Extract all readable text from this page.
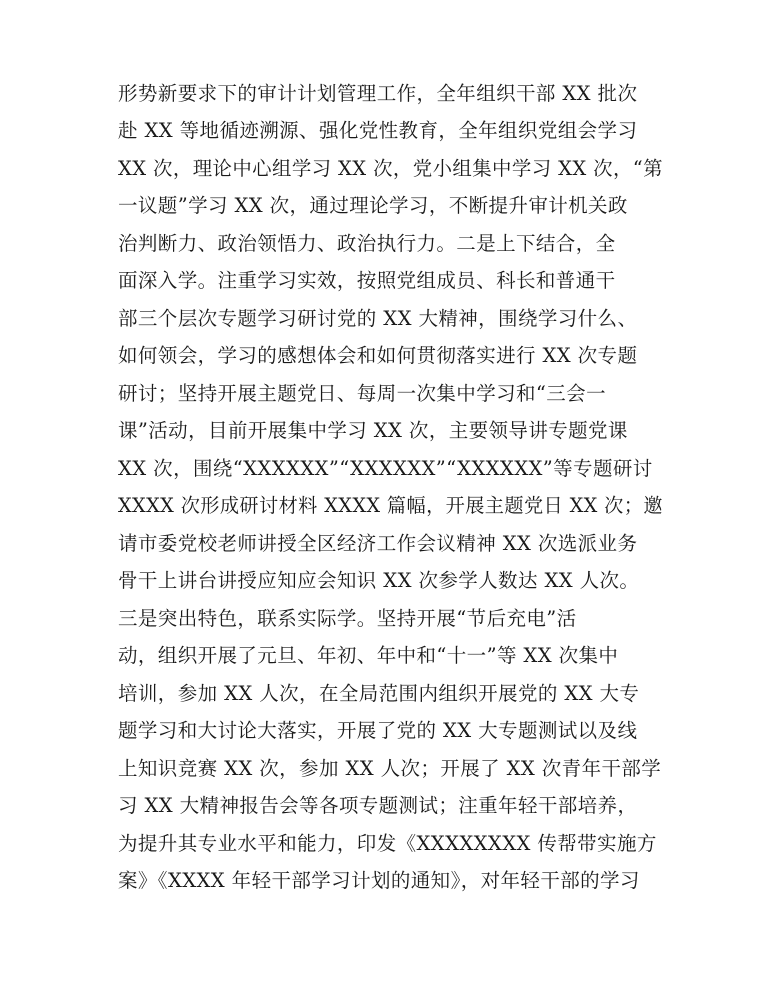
形势新要求下的审计计划管理工作，全年组织干部 XX 批次
赴 XX 等地循迹溯源、强化党性教育，全年组织党组会学习
XX 次，理论中心组学习 XX 次，党小组集中学习 XX 次，“第
一议题”学习 XX 次，通过理论学习，不断提升审计机关政
治判断力、政治领悟力、政治执行力。二是上下结合，全
面深入学。注重学习实效，按照党组成员、科长和普通干
部三个层次专题学习研讨党的 XX 大精神，围绕学习什么、
如何领会，学习的感想体会和如何贯彻落实进行 XX 次专题
研讨；坚持开展主题党日、每周一次集中学习和“三会一
课”活动，目前开展集中学习 XX 次，主要领导讲专题党课
XX 次，围绕“XXXXXX”“XXXXXX”“XXXXXX”等专题研讨
XXXX 次形成研讨材料 XXXX 篇幅，开展主题党日 XX 次；邀
请市委党校老师讲授全区经济工作会议精神 XX 次选派业务
骨干上讲台讲授应知应会知识 XX 次参学人数达 XX 人次。
三是突出特色，联系实际学。坚持开展“节后充电”活
动，组织开展了元旦、年初、年中和“十一”等 XX 次集中
培训，参加 XX 人次，在全局范围内组织开展党的 XX 大专
题学习和大讨论大落实，开展了党的 XX 大专题测试以及线
上知识竞赛 XX 次，参加 XX 人次；开展了 XX 次青年干部学
习 XX 大精神报告会等各项专题测试；注重年轻干部培养，
为提升其专业水平和能力，印发《XXXXXXXX 传帮带实施方
案》《XXXX 年轻干部学习计划的通知》，对年轻干部的学习
